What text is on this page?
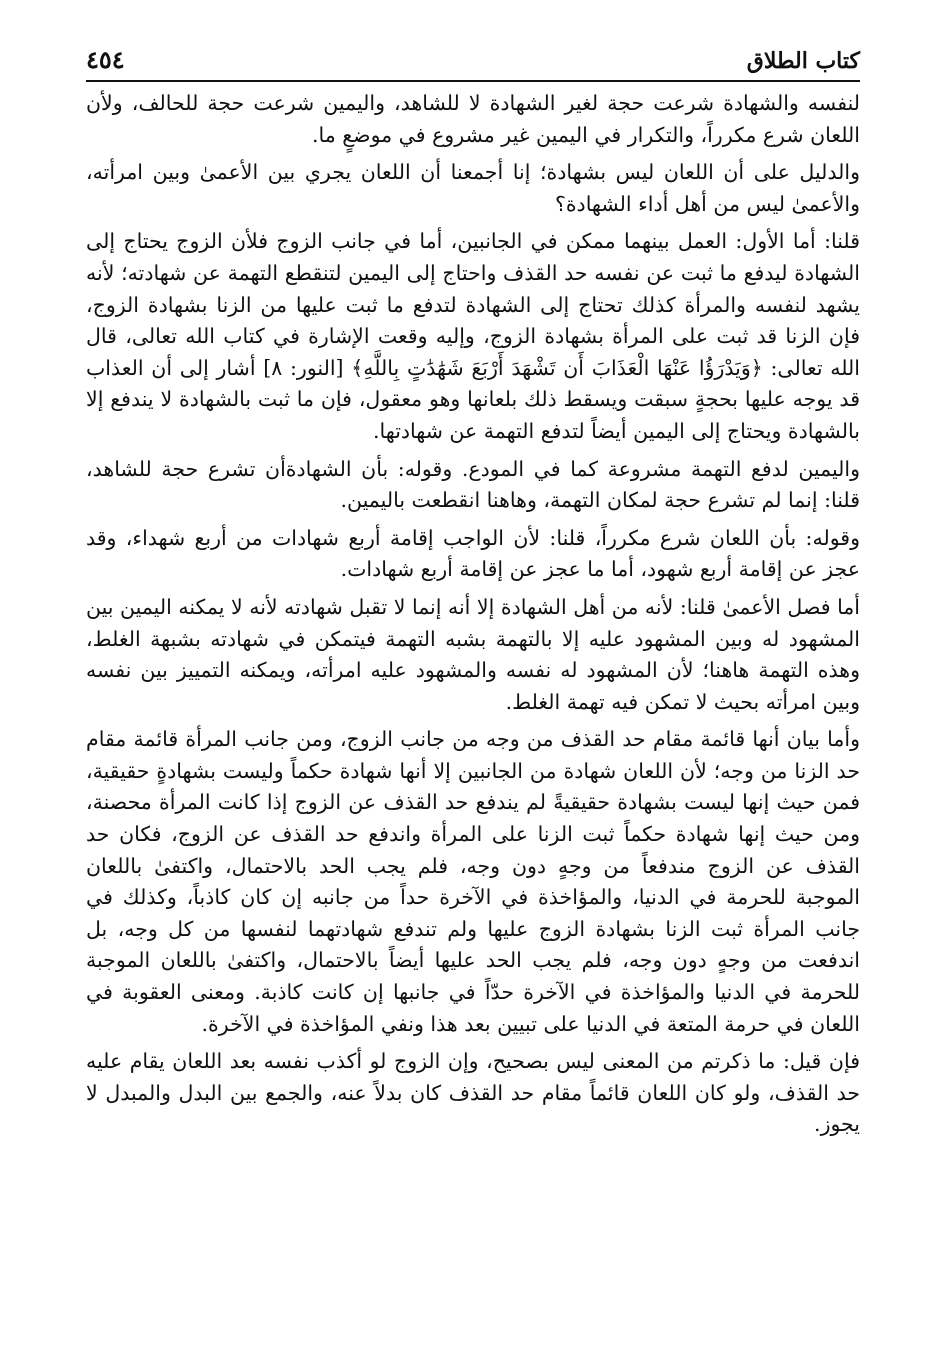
كتاب الطلاق
٤٥٤

لنفسه والشهادة شرعت حجة لغير الشهادة لا للشاهد، واليمين شرعت حجة للحالف، ولأن اللعان شرع مكرراً، والتكرار في اليمين غير مشروع في موضعٍ ما.

والدليل على أن اللعان ليس بشهادة؛ إنا أجمعنا أن اللعان يجري بين الأعمىٰ وبين امرأته، والأعمىٰ ليس من أهل أداء الشهادة؟

قلنا: أما الأول: العمل بينهما ممكن في الجانبين، أما في جانب الزوج فلأن الزوج يحتاج إلى الشهادة ليدفع ما ثبت عن نفسه حد القذف واحتاج إلى اليمين لتنقطع التهمة عن شهادته؛ لأنه يشهد لنفسه والمرأة كذلك تحتاج إلى الشهادة لتدفع ما ثبت عليها من الزنا بشهادة الزوج، فإن الزنا قد ثبت على المرأة بشهادة الزوج، وإليه وقعت الإشارة في كتاب الله تعالى، قال الله تعالى: ﴿وَيَدْرَؤُا عَنْهَا الْعَذَابَ أَن تَشْهَدَ أَرْبَعَ شَهَٰدَٰتٍ بِاللَّهِ﴾ [النور: ٨] أشار إلى أن العذاب قد يوجه عليها بحجةٍ سبقت ويسقط ذلك بلعانها وهو معقول، فإن ما ثبت بالشهادة لا يندفع إلا بالشهادة ويحتاج إلى اليمين أيضاً لتدفع التهمة عن شهادتها.

واليمين لدفع التهمة مشروعة كما في المودع. وقوله: بأن الشهادةأن تشرع حجة للشاهد، قلنا: إنما لم تشرع حجة لمكان التهمة، وهاهنا انقطعت باليمين.

وقوله: بأن اللعان شرع مكرراً، قلنا: لأن الواجب إقامة أربع شهادات من أربع شهداء، وقد عجز عن إقامة أربع شهود، أما ما عجز عن إقامة أربع شهادات.

أما فصل الأعمىٰ قلنا: لأنه من أهل الشهادة إلا أنه إنما لا تقبل شهادته لأنه لا يمكنه اليمين بين المشهود له وبين المشهود عليه إلا بالتهمة بشبه التهمة فيتمكن في شهادته بشبهة الغلط، وهذه التهمة هاهنا؛ لأن المشهود له نفسه والمشهود عليه امرأته، ويمكنه التمييز بين نفسه وبين امرأته بحيث لا تمكن فيه تهمة الغلط.

وأما بيان أنها قائمة مقام حد القذف من وجه من جانب الزوج، ومن جانب المرأة قائمة مقام حد الزنا من وجه؛ لأن اللعان شهادة من الجانبين إلا أنها شهادة حكماً وليست بشهادةٍ حقيقية، فمن حيث إنها ليست بشهادة حقيقيةً لم يندفع حد القذف عن الزوج إذا كانت المرأة محصنة، ومن حيث إنها شهادة حكماً ثبت الزنا على المرأة واندفع حد القذف عن الزوج، فكان حد القذف عن الزوج مندفعاً من وجهٍ دون وجه، فلم يجب الحد بالاحتمال، واكتفىٰ باللعان الموجبة للحرمة في الدنيا، والمؤاخذة في الآخرة حداً من جانبه إن كان كاذباً، وكذلك في جانب المرأة ثبت الزنا بشهادة الزوج عليها ولم تندفع شهادتهما لنفسها من كل وجه، بل اندفعت من وجهٍ دون وجه، فلم يجب الحد عليها أيضاً بالاحتمال، واكتفىٰ باللعان الموجبة للحرمة في الدنيا والمؤاخذة في الآخرة حدّاً في جانبها إن كانت كاذبة. ومعنى العقوبة في اللعان في حرمة المتعة في الدنيا على تبيين بعد هذا ونفي المؤاخذة في الآخرة.

فإن قيل: ما ذكرتم من المعنى ليس بصحيح، وإن الزوج لو أكذب نفسه بعد اللعان يقام عليه حد القذف، ولو كان اللعان قائماً مقام حد القذف كان بدلاً عنه، والجمع بين البدل والمبدل لا يجوز.
